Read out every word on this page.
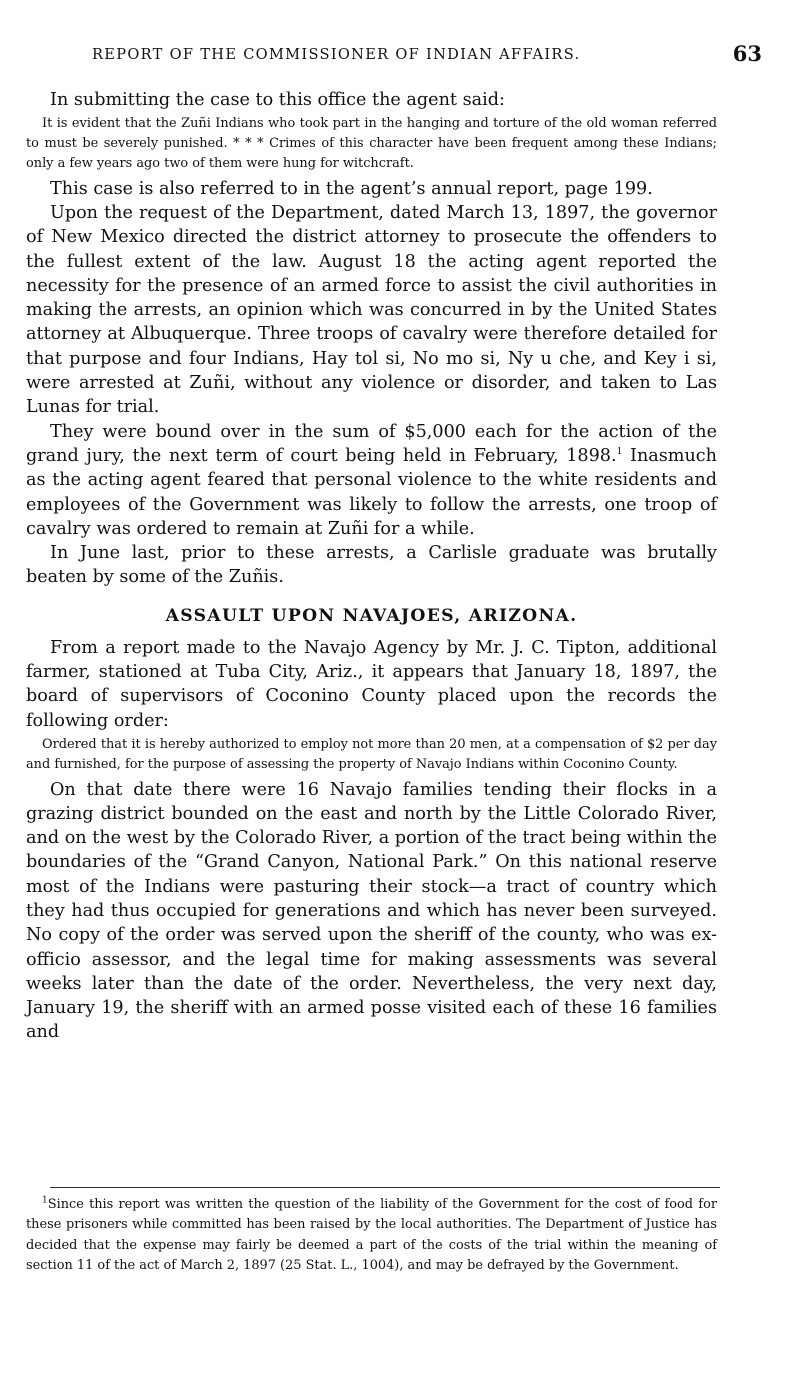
REPORT OF THE COMMISSIONER OF INDIAN AFFAIRS.	63

In submitting the case to this office the agent said:

It is evident that the Zuñi Indians who took part in the hanging and torture of the old woman referred to must be severely punished. * * * Crimes of this character have been frequent among these Indians; only a few years ago two of them were hung for witchcraft.

This case is also referred to in the agent’s annual report, page 199.

Upon the request of the Department, dated March 13, 1897, the governor of New Mexico directed the district attorney to prosecute the offenders to the fullest extent of the law. August 18 the acting agent reported the necessity for the presence of an armed force to assist the civil authorities in making the arrests, an opinion which was concurred in by the United States attorney at Albuquerque. Three troops of cavalry were therefore detailed for that purpose and four Indians, Hay tol si, No mo si, Ny u che, and Key i si, were arrested at Zuñi, without any violence or disorder, and taken to Las Lunas for trial.

They were bound over in the sum of $5,000 each for the action of the grand jury, the next term of court being held in February, 1898.$^1$ Inasmuch as the acting agent feared that personal violence to the white residents and employees of the Government was likely to follow the arrests, one troop of cavalry was ordered to remain at Zuñi for a while.

In June last, prior to these arrests, a Carlisle graduate was brutally beaten by some of the Zuñis.

ASSAULT UPON NAVAJOES, ARIZONA.

From a report made to the Navajo Agency by Mr. J. C. Tipton, additional farmer, stationed at Tuba City, Ariz., it appears that January 18, 1897, the board of supervisors of Coconino County placed upon the records the following order:

Ordered that it is hereby authorized to employ not more than 20 men, at a compensation of $2 per day and furnished, for the purpose of assessing the property of Navajo Indians within Coconino County.

On that date there were 16 Navajo families tending their flocks in a grazing district bounded on the east and north by the Little Colorado River, and on the west by the Colorado River, a portion of the tract being within the boundaries of the “Grand Canyon, National Park.” On this national reserve most of the Indians were pasturing their stock—a tract of country which they had thus occupied for generations and which has never been surveyed. No copy of the order was served upon the sheriff of the county, who was ex-officio assessor, and the legal time for making assessments was several weeks later than the date of the order. Nevertheless, the very next day, January 19, the sheriff with an armed posse visited each of these 16 families and

$^1$Since this report was written the question of the liability of the Government for the cost of food for these prisoners while committed has been raised by the local authorities. The Department of Justice has decided that the expense may fairly be deemed a part of the costs of the trial within the meaning of section 11 of the act of March 2, 1897 (25 Stat. L., 1004), and may be defrayed by the Government.
